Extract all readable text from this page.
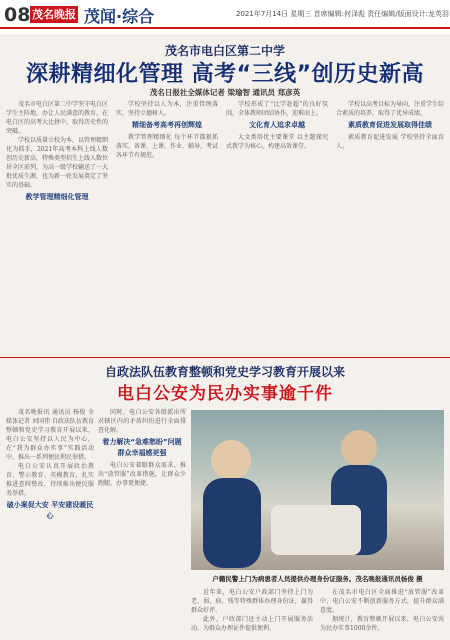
08 茂名晚报 茂闻·综合	2021年7月14日 星期三 首席编辑:何泽彪 责任编辑/版面设计:龙英羽
茂名市电白区第二中学
深耕精细化管理 高考“三线”创历史新高
茂名日报社全媒体记者 梁瑜智 通讯员 郑彦英

茂名市电白区第二中学坚守电白区学生主阵地，办让人民满意的教育，在电白区的高考大比拼中，取得历史性的突破。

学校以质量立校为本，以管理精细化为抓手，2021年高考本科上线人数创历史新高，特殊类型招生上线人数位居全区前列，为高一级学校输送了一大批优质生源，也为新一轮发展奠定了坚实的基础。

教学管理精细化管理

学校坚持以人为本，注重管理落实，坚持立德树人。

精细备考高考再创辉煌

教学管理精细化 每个环节都狠抓落实，备课、上课、作业、辅导、考试各环节有规范。

学校形成了“比学赶超”的良好氛围，全体教师团结协作，迎难而上。

文化育人追求卓越

大文类培优主要课堂 以主题探究式教学为核心，构建高效课堂。

学校以高考目标为导向，注重学生综合素质的培养，取得了优异成绩。

素质教育促进发展取得佳绩

素质教育促进发展 学校坚持全面育人。

自政法队伍教育整顿和党史学习教育开展以来
电白公安为民办实事逾千件

茂名晚报讯 通讯员 杨俊 全媒体记者 刘国伟 自政法队伍教育整顿和党史学习教育开展以来，电白公安坚持以人民为中心，在“我为群众办实事”实践活动中，推出一系列便民利民举措。

电白公安认真开展政治教育、警示教育、英模教育，扎实推进查纠整改，持续推出便民服务举措。

破小案促大安 平安建设暖民心

同时，电白公安各级派出所对辖区内的矛盾纠纷进行全面排查化解。

着力解决“急难愁盼”问题 群众幸福感更强

电白公安着眼群众需求，推出“放管服”改革措施，让群众少跑腿，办事更便捷。

户籍民警上门为病患者人员提供办理身份证服务。茂名晚报通讯员杨俊 摄

近年来，电白公安户政部门坚持上门为老、弱、病、残等特殊群体办理身份证，赢得群众好评。

此外，户政部门还主动上门开展服务活动，为群众办理证件提供便利。

在茂名市电白区全面推进“放管服”改革中，电白公安不断创新服务方式，提升群众满意度。

据统计，教育整顿开展以来，电白公安共为民办实事1000余件。
